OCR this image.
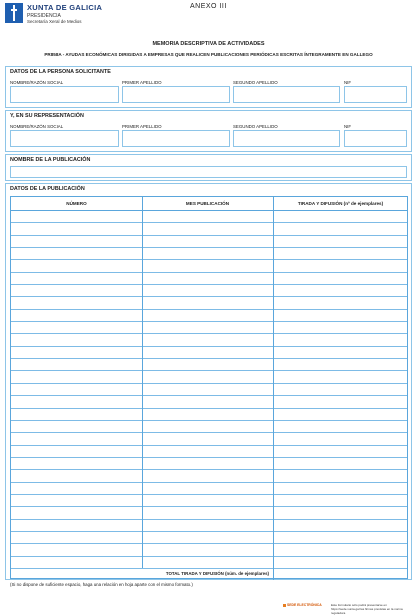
XUNTA DE GALICIA
PRESIDENCIA
Secretaría Xeral de Medios
ANEXO III
MEMORIA DESCRIPTIVA DE ACTIVIDADES
PR858A - AYUDAS ECONÓMICAS DIRIGIDAS A EMPRESAS QUE REALICEN PUBLICACIONES PERIÓDICAS ESCRITAS ÍNTEGRAMENTE EN GALLEGO
DATOS DE LA PERSONA SOLICITANTE
NOMBRE/RAZÓN SOCIAL	PRIMER APELLIDO	SEGUNDO APELLIDO	NIF
Y, EN SU REPRESENTACIÓN
NOMBRE/RAZÓN SOCIAL	PRIMER APELLIDO	SEGUNDO APELLIDO	NIF
NOMBRE DE LA PUBLICACIÓN
DATOS DE LA PUBLICACIÓN
NÚMERO	MES PUBLICACIÓN	TIRADA Y DIFUSIÓN (nº de ejemplares)
TOTAL TIRADA Y DIFUSIÓN (núm. de ejemplares)
(Si no dispone de suficiente espacio, haga una relación en hoja aparte con el mismo formato.)
SEDE ELECTRÓNICA	Este formulario sólo podrá presentarse en https://sede.xunta.gal las firmas previstas en la norma reguladora
